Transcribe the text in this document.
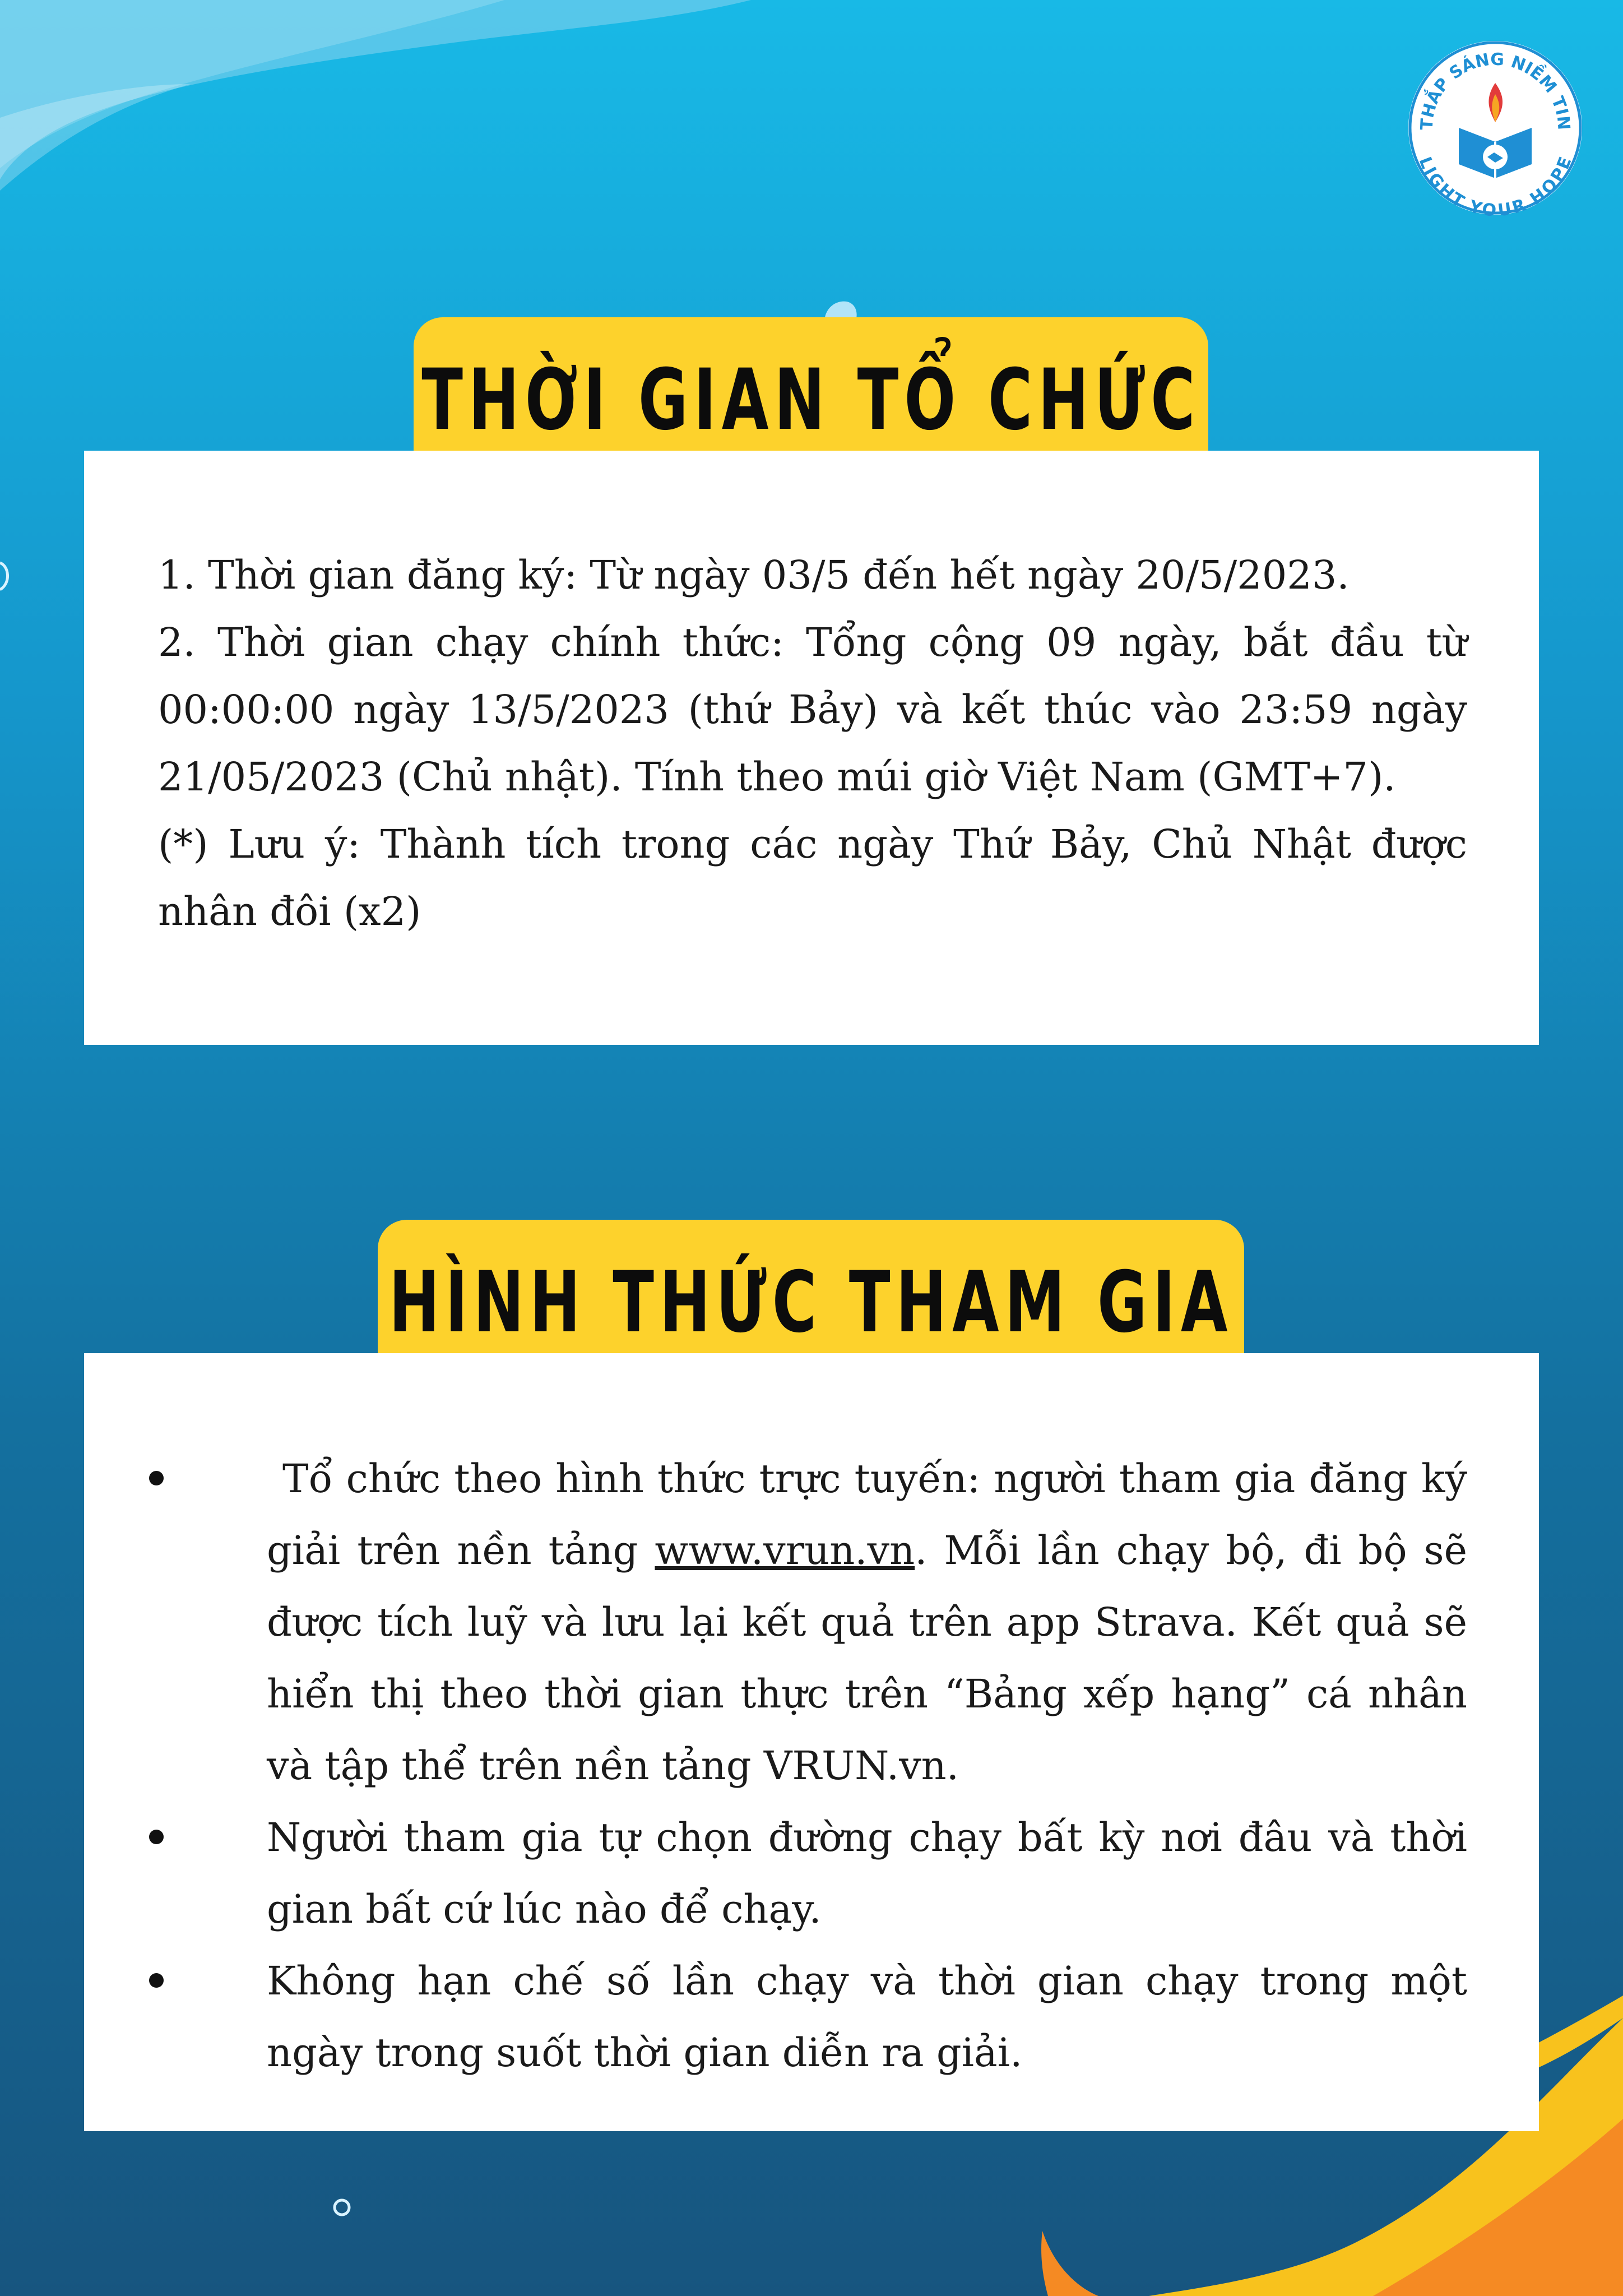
THẮP SÁNG NIỀM TIN
LIGHT YOUR HOPE
THỜI GIAN TỔ CHỨC

1. Thời gian đăng ký: Từ ngày 03/5 đến hết ngày 20/5/2023.

2. Thời gian chạy chính thức: Tổng cộng 09 ngày, bắt đầu từ 00:00:00 ngày 13/5/2023 (thứ Bảy) và kết thúc vào 23:59 ngày 21/05/2023 (Chủ nhật). Tính theo múi giờ Việt Nam (GMT+7).

(*) Lưu ý: Thành tích trong các ngày Thứ Bảy, Chủ Nhật được nhân đôi (x2)

HÌNH THỨC THAM GIA
Tổ chức theo hình thức trực tuyến: người tham gia đăng ký giải trên nền tảng www.vrun.vn. Mỗi lần chạy bộ, đi bộ sẽ được tích luỹ và lưu lại kết quả trên app Strava. Kết quả sẽ hiển thị theo thời gian thực trên “Bảng xếp hạng” cá nhân và tập thể trên nền tảng VRUN.vn.
Người tham gia tự chọn đường chạy bất kỳ nơi đâu và thời gian bất cứ lúc nào để chạy.
Không hạn chế số lần chạy và thời gian chạy trong một ngày trong suốt thời gian diễn ra giải.
